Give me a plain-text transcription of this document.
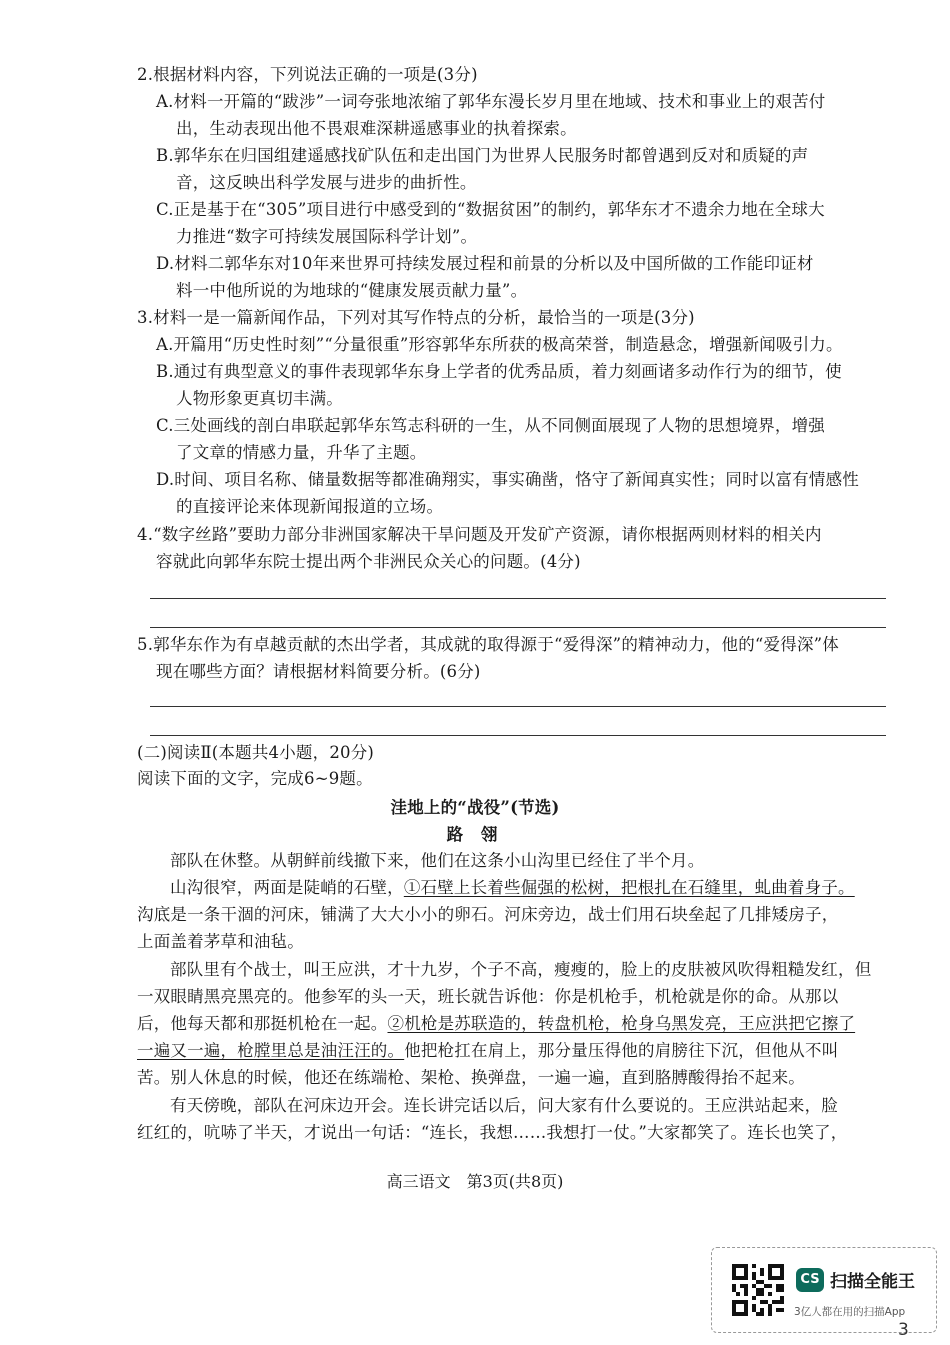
2.根据材料内容，下列说法正确的一项是(3分)
A.材料一开篇的“跋涉”一词夸张地浓缩了郭华东漫长岁月里在地域、技术和事业上的艰苦付
出，生动表现出他不畏艰难深耕遥感事业的执着探索。
B.郭华东在归国组建遥感找矿队伍和走出国门为世界人民服务时都曾遇到反对和质疑的声
音，这反映出科学发展与进步的曲折性。
C.正是基于在“305”项目进行中感受到的“数据贫困”的制约，郭华东才不遗余力地在全球大
力推进“数字可持续发展国际科学计划”。
D.材料二郭华东对10年来世界可持续发展过程和前景的分析以及中国所做的工作能印证材
料一中他所说的为地球的“健康发展贡献力量”。
3.材料一是一篇新闻作品，下列对其写作特点的分析，最恰当的一项是(3分)
A.开篇用“历史性时刻”“分量很重”形容郭华东所获的极高荣誉，制造悬念，增强新闻吸引力。
B.通过有典型意义的事件表现郭华东身上学者的优秀品质，着力刻画诸多动作行为的细节，使
人物形象更真切丰满。
C.三处画线的剖白串联起郭华东笃志科研的一生，从不同侧面展现了人物的思想境界，增强
了文章的情感力量，升华了主题。
D.时间、项目名称、储量数据等都准确翔实，事实确凿，恪守了新闻真实性；同时以富有情感性
的直接评论来体现新闻报道的立场。
4.“数字丝路”要助力部分非洲国家解决干旱问题及开发矿产资源，请你根据两则材料的相关内
容就此向郭华东院士提出两个非洲民众关心的问题。(4分)
5.郭华东作为有卓越贡献的杰出学者，其成就的取得源于“爱得深”的精神动力，他的“爱得深”体
现在哪些方面？请根据材料简要分析。(6分)
(二)阅读Ⅱ(本题共4小题，20分)
阅读下面的文字，完成6~9题。
洼地上的“战役”(节选)
路 翎
部队在休整。从朝鲜前线撤下来，他们在这条小山沟里已经住了半个月。
山沟很窄，两面是陡峭的石壁，①石壁上长着些倔强的松树，把根扎在石缝里，虬曲着身子。
沟底是一条干涸的河床，铺满了大大小小的卵石。河床旁边，战士们用石块垒起了几排矮房子，
上面盖着茅草和油毡。
部队里有个战士，叫王应洪，才十九岁，个子不高，瘦瘦的，脸上的皮肤被风吹得粗糙发红，但
一双眼睛黑亮黑亮的。他参军的头一天，班长就告诉他：你是机枪手，机枪就是你的命。从那以
后，他每天都和那挺机枪在一起。②机枪是苏联造的，转盘机枪，枪身乌黑发亮，王应洪把它擦了
一遍又一遍，枪膛里总是油汪汪的。他把枪扛在肩上，那分量压得他的肩膀往下沉，但他从不叫
苦。别人休息的时候，他还在练端枪、架枪、换弹盘，一遍一遍，直到胳膊酸得抬不起来。
有天傍晚，部队在河床边开会。连长讲完话以后，问大家有什么要说的。王应洪站起来，脸
红红的，吭哧了半天，才说出一句话：“连长，我想……我想打一仗。”大家都笑了。连长也笑了，
高三语文　第3页(共8页)
CS 扫描全能王
3亿人都在用的扫描App
3
